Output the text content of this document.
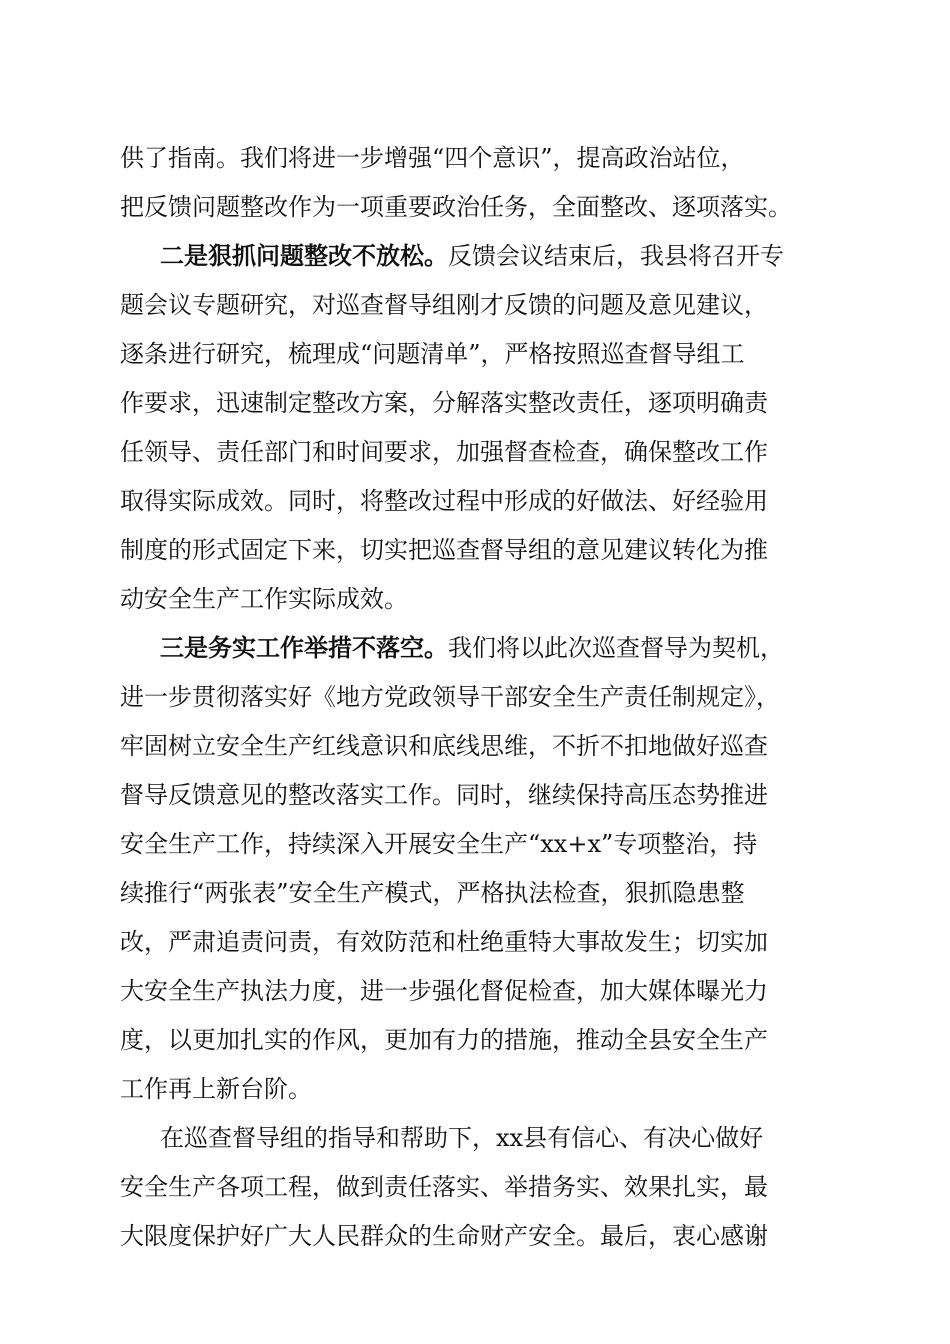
供了指南。我们将进一步增强“四个意识”，提高政治站位，
把反馈问题整改作为一项重要政治任务，全面整改、逐项落实。
二是狠抓问题整改不放松。反馈会议结束后，我县将召开专
题会议专题研究，对巡查督导组刚才反馈的问题及意见建议，
逐条进行研究，梳理成“问题清单”，严格按照巡查督导组工
作要求，迅速制定整改方案，分解落实整改责任，逐项明确责
任领导、责任部门和时间要求，加强督查检查，确保整改工作
取得实际成效。同时，将整改过程中形成的好做法、好经验用
制度的形式固定下来，切实把巡查督导组的意见建议转化为推
动安全生产工作实际成效。
三是务实工作举措不落空。我们将以此次巡查督导为契机，
进一步贯彻落实好《地方党政领导干部安全生产责任制规定》，
牢固树立安全生产红线意识和底线思维，不折不扣地做好巡查
督导反馈意见的整改落实工作。同时，继续保持高压态势推进
安全生产工作，持续深入开展安全生产“xx+x”专项整治，持
续推行“两张表”安全生产模式，严格执法检查，狠抓隐患整
改，严肃追责问责，有效防范和杜绝重特大事故发生；切实加
大安全生产执法力度，进一步强化督促检查，加大媒体曝光力
度，以更加扎实的作风，更加有力的措施，推动全县安全生产
工作再上新台阶。
在巡查督导组的指导和帮助下，xx县有信心、有决心做好
安全生产各项工程，做到责任落实、举措务实、效果扎实，最
大限度保护好广大人民群众的生命财产安全。最后，衷心感谢
